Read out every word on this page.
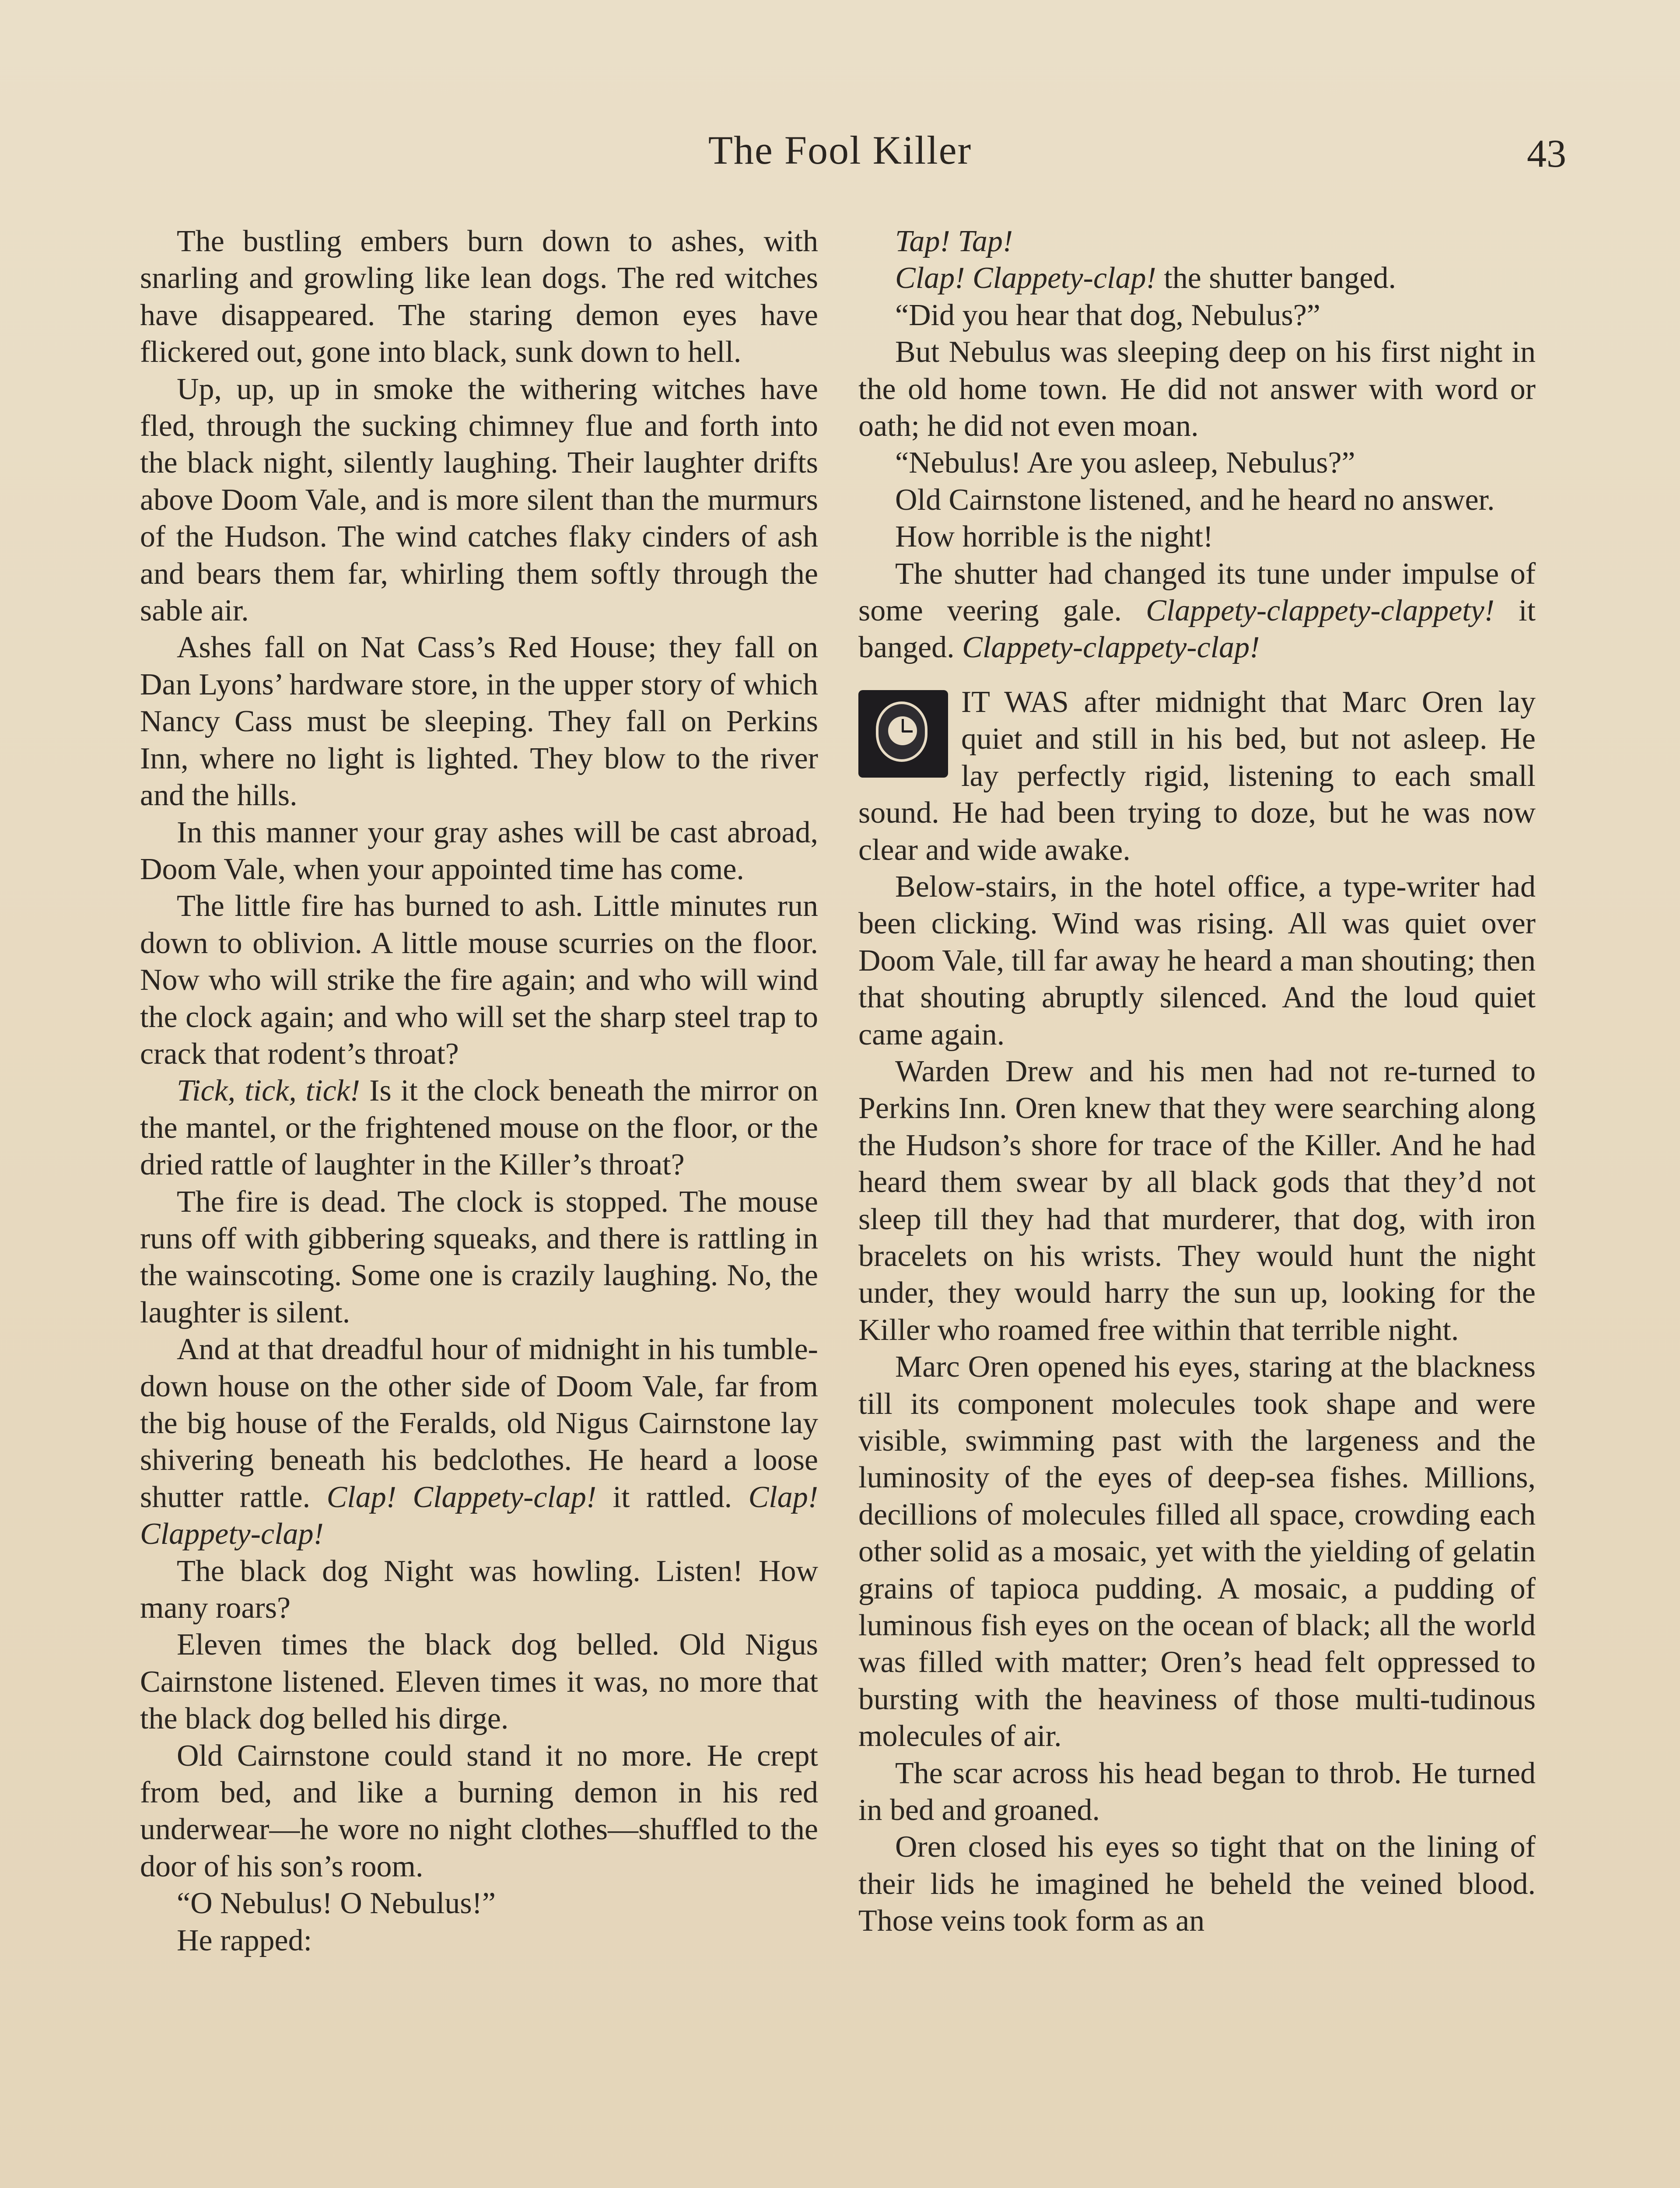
The Fool Killer	43

The bustling embers burn down to ashes, with snarling and growling like lean dogs. The red witches have disappeared. The staring demon eyes have flickered out, gone into black, sunk down to hell.

Up, up, up in smoke the withering witches have fled, through the sucking chimney flue and forth into the black night, silently laughing. Their laughter drifts above Doom Vale, and is more silent than the murmurs of the Hudson. The wind catches flaky cinders of ash and bears them far, whirling them softly through the sable air.

Ashes fall on Nat Cass’s Red House; they fall on Dan Lyons’ hardware store, in the upper story of which Nancy Cass must be sleeping. They fall on Perkins Inn, where no light is lighted. They blow to the river and the hills.

In this manner your gray ashes will be cast abroad, Doom Vale, when your appointed time has come.

The little fire has burned to ash. Little minutes run down to oblivion. A little mouse scurries on the floor. Now who will strike the fire again; and who will wind the clock again; and who will set the sharp steel trap to crack that rodent’s throat?

Tick, tick, tick! Is it the clock beneath the mirror on the mantel, or the frightened mouse on the floor, or the dried rattle of laughter in the Killer’s throat?

The fire is dead. The clock is stopped. The mouse runs off with gibbering squeaks, and there is rattling in the wainscoting. Some one is crazily laughing. No, the laughter is silent.

And at that dreadful hour of midnight in his tumble-down house on the other side of Doom Vale, far from the big house of the Feralds, old Nigus Cairnstone lay shivering beneath his bedclothes. He heard a loose shutter rattle. Clap! Clappety-clap! it rattled. Clap! Clappety-clap!

The black dog Night was howling. Listen! How many roars?

Eleven times the black dog belled. Old Nigus Cairnstone listened. Eleven times it was, no more that the black dog belled his dirge.

Old Cairnstone could stand it no more. He crept from bed, and like a burning demon in his red underwear—he wore no night clothes—shuffled to the door of his son’s room.

“O Nebulus! O Nebulus!”

He rapped:

Tap! Tap!

Clap! Clappety-clap! the shutter banged.

“Did you hear that dog, Nebulus?”

But Nebulus was sleeping deep on his first night in the old home town. He did not answer with word or oath; he did not even moan.

“Nebulus! Are you asleep, Nebulus?”

Old Cairnstone listened, and he heard no answer.

How horrible is the night!

The shutter had changed its tune under impulse of some veering gale. Clappety-clappety-clappety! it banged. Clappety-clappety-clap!

IT WAS after midnight that Marc Oren lay quiet and still in his bed, but not asleep. He lay perfectly rigid, listening to each small sound. He had been trying to doze, but he was now clear and wide awake.

Below-stairs, in the hotel office, a type-writer had been clicking. Wind was rising. All was quiet over Doom Vale, till far away he heard a man shouting; then that shouting abruptly silenced. And the loud quiet came again.

Warden Drew and his men had not re-turned to Perkins Inn. Oren knew that they were searching along the Hudson’s shore for trace of the Killer. And he had heard them swear by all black gods that they’d not sleep till they had that murderer, that dog, with iron bracelets on his wrists. They would hunt the night under, they would harry the sun up, looking for the Killer who roamed free within that terrible night.

Marc Oren opened his eyes, staring at the blackness till its component molecules took shape and were visible, swimming past with the largeness and the luminosity of the eyes of deep-sea fishes. Millions, decillions of molecules filled all space, crowding each other solid as a mosaic, yet with the yielding of gelatin grains of tapioca pudding. A mosaic, a pudding of luminous fish eyes on the ocean of black; all the world was filled with matter; Oren’s head felt oppressed to bursting with the heaviness of those multi-tudinous molecules of air.

The scar across his head began to throb. He turned in bed and groaned.

Oren closed his eyes so tight that on the lining of their lids he imagined he beheld the veined blood. Those veins took form as an
